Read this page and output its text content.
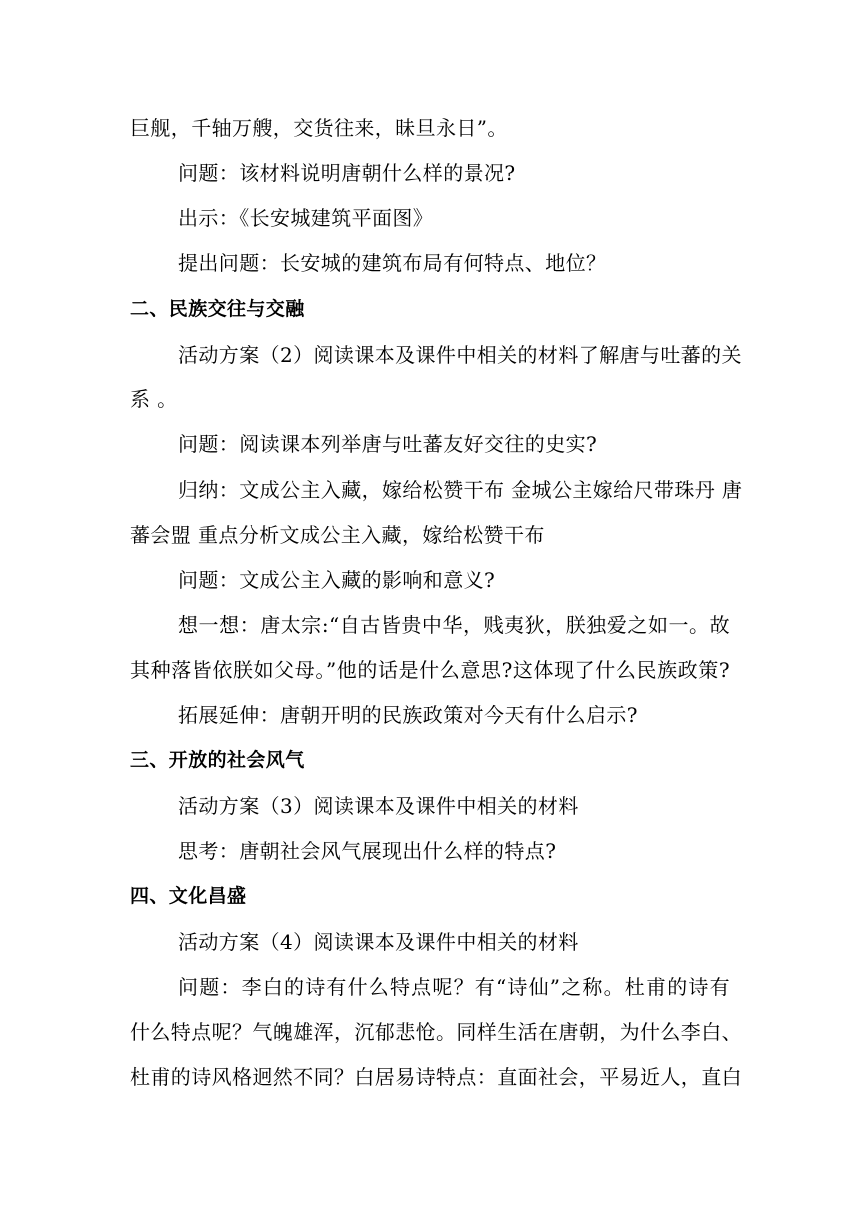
巨舰，千轴万艘，交货往来，昧旦永日”。
问题：该材料说明唐朝什么样的景况?
出示：《长安城建筑平面图》
提出问题：长安城的建筑布局有何特点、地位？
二、民族交往与交融
活动方案（2）阅读课本及课件中相关的材料了解唐与吐蕃的关
系 。
问题：阅读课本列举唐与吐蕃友好交往的史实?
归纳：文成公主入藏，嫁给松赞干布 金城公主嫁给尺带珠丹 唐
蕃会盟 重点分析文成公主入藏，嫁给松赞干布
问题：文成公主入藏的影响和意义?
想一想：唐太宗:“自古皆贵中华，贱夷狄，朕独爱之如一。故
其种落皆依朕如父母。”他的话是什么意思?这体现了什么民族政策?
拓展延伸：唐朝开明的民族政策对今天有什么启示?
三、开放的社会风气
活动方案（3）阅读课本及课件中相关的材料
思考：唐朝社会风气展现出什么样的特点?
四、文化昌盛
活动方案（4）阅读课本及课件中相关的材料
问题：李白的诗有什么特点呢？有“诗仙”之称。杜甫的诗有
什么特点呢？气魄雄浑，沉郁悲怆。同样生活在唐朝，为什么李白、
杜甫的诗风格迥然不同？白居易诗特点：直面社会，平易近人，直白
